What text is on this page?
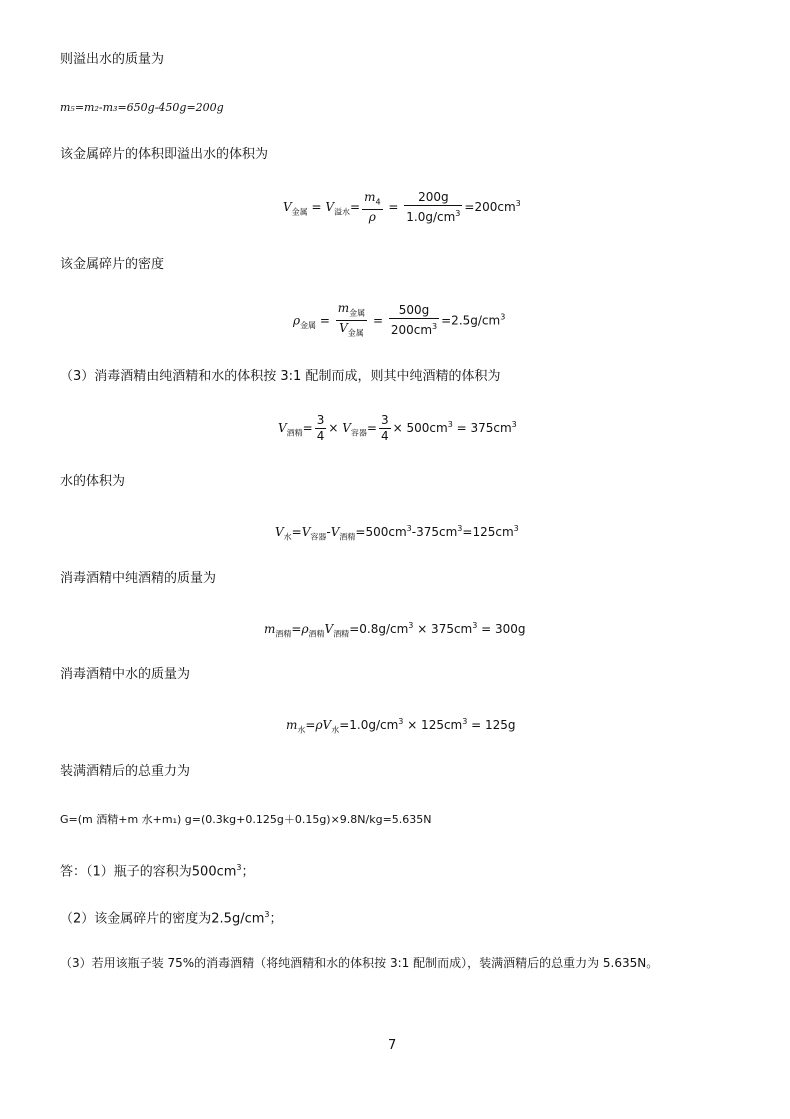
则溢出水的质量为
m₅=m₂-m₃=650g-450g=200g
该金属碎片的体积即溢出水的体积为
$V_{金属} = V_{溢水}= \frac{m_4}{\rho} = \frac{200g}{1.0g/cm^3} =200cm^3$
该金属碎片的密度
$\rho_{金属} = \frac{m_{金属}}{V_{金属}} = \frac{500g}{200cm^3} =2.5g/cm^3$
（3）消毒酒精由纯酒精和水的体积按 3:1 配制而成，则其中纯酒精的体积为
$V_{酒精}= \frac{3}{4} \times V_{容器}= \frac{3}{4} \times 500cm^3 = 375cm^3$
水的体积为
$V_水=V_{容器}-V_{酒精}=500cm^3-375cm^3=125cm^3$
消毒酒精中纯酒精的质量为
$m_{酒精}=\rho_{酒精}V_{酒精}=0.8g/cm^3 \times 375cm^3 = 300g$
消毒酒精中水的质量为
$m_水=\rho V_水=1.0g/cm^3 \times 125cm^3 = 125g$
装满酒精后的总重力为
G=(m 酒精+m 水+m₁) g=(0.3kg+0.125g＋0.15g)×9.8N/kg=5.635N
答：（1）瓶子的容积为$500cm^3$；
（2）该金属碎片的密度为$2.5g/cm^3$；
（3）若用该瓶子装 75%的消毒酒精（将纯酒精和水的体积按 3:1 配制而成），装满酒精后的总重力为 5.635N。
7
